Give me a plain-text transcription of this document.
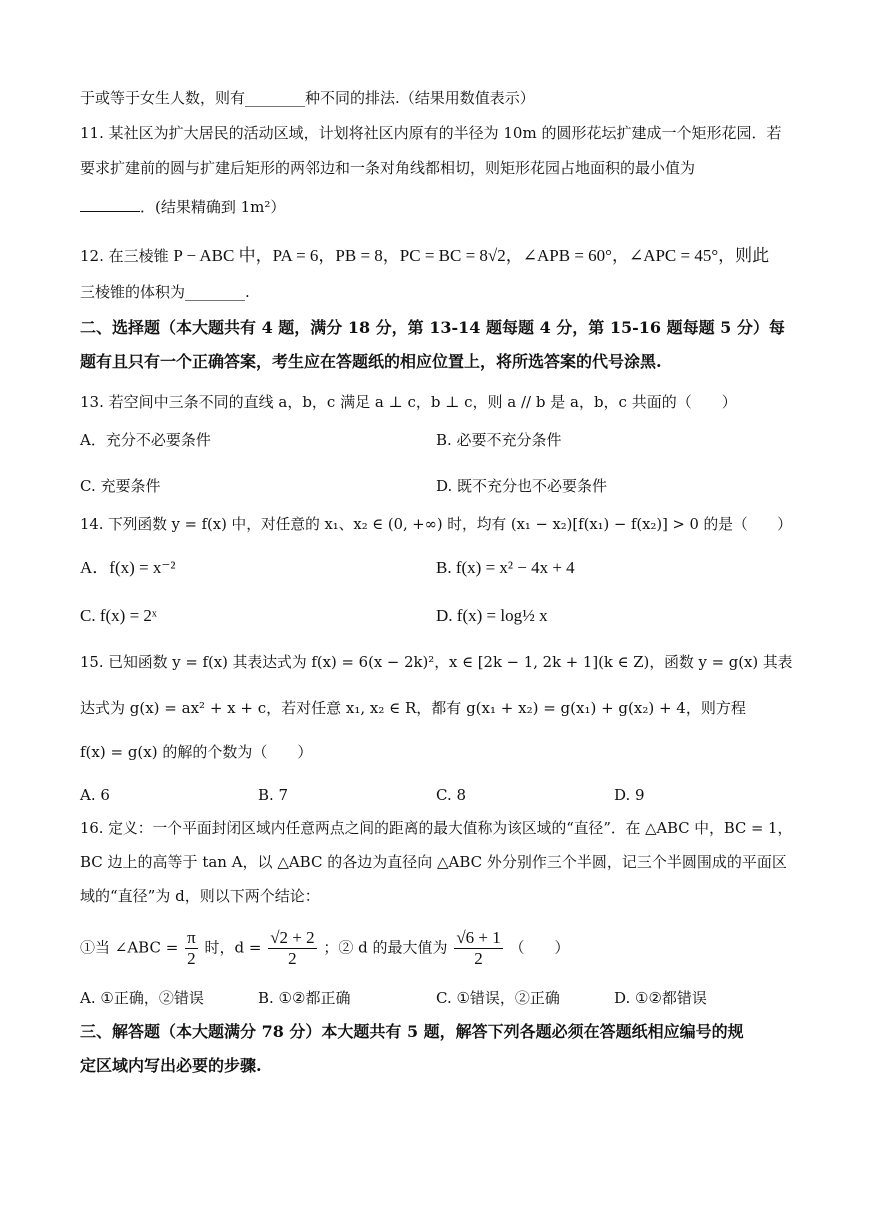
于或等于女生人数，则有________种不同的排法.（结果用数值表示）
11. 某社区为扩大居民的活动区域，计划将社区内原有的半径为 10m 的圆形花坛扩建成一个矩形花园．若
要求扩建前的圆与扩建后矩形的两邻边和一条对角线都相切，则矩形花园占地面积的最小值为
．(结果精确到 1m²）
12. 在三棱锥 P − ABC 中，PA = 6，PB = 8，PC = BC = 8√2，∠APB = 60°，∠APC = 45°，则此
三棱锥的体积为________.
二、选择题（本大题共有 4 题，满分 18 分，第 13-14 题每题 4 分，第 15-16 题每题 5 分）每
题有且只有一个正确答案，考生应在答题纸的相应位置上，将所选答案的代号涂黑.
13. 若空间中三条不同的直线 a，b，c 满足 a ⊥ c，b ⊥ c，则 a // b 是 a，b，c 共面的（　　）
A．充分不必要条件	B. 必要不充分条件
C. 充要条件	D. 既不充分也不必要条件
14. 下列函数 y = f(x) 中，对任意的 x₁、x₂ ∈ (0, +∞) 时，均有 (x₁ − x₂)[f(x₁) − f(x₂)] > 0 的是（　　）
A．f(x) = x⁻²	B. f(x) = x² − 4x + 4
C. f(x) = 2ˣ	D. f(x) = log½ x
15. 已知函数 y = f(x) 其表达式为 f(x) = 6(x − 2k)²，x ∈ [2k − 1, 2k + 1](k ∈ Z)，函数 y = g(x) 其表
达式为 g(x) = ax² + x + c，若对任意 x₁, x₂ ∈ R，都有 g(x₁ + x₂) = g(x₁) + g(x₂) + 4，则方程
f(x) = g(x) 的解的个数为（　　）
A. 6	B. 7	C. 8	D. 9
16. 定义：一个平面封闭区域内任意两点之间的距离的最大值称为该区域的“直径”．在 △ABC 中，BC = 1，
BC 边上的高等于 tan A，以 △ABC 的各边为直径向 △ABC 外分别作三个半圆，记三个半圆围成的平面区
域的“直径”为 d，则以下两个结论：
①当 ∠ABC = $\frac{\pi}{2}$ 时，$d = \frac{√2 + 2}{2}$ ；② d 的最大值为 $\frac{√6 + 1}{2}$ （　　）
A. ①正确，②错误	B. ①②都正确	C. ①错误，②正确	D. ①②都错误
三、解答题（本大题满分 78 分）本大题共有 5 题，解答下列各题必须在答题纸相应编号的规
定区域内写出必要的步骤.
